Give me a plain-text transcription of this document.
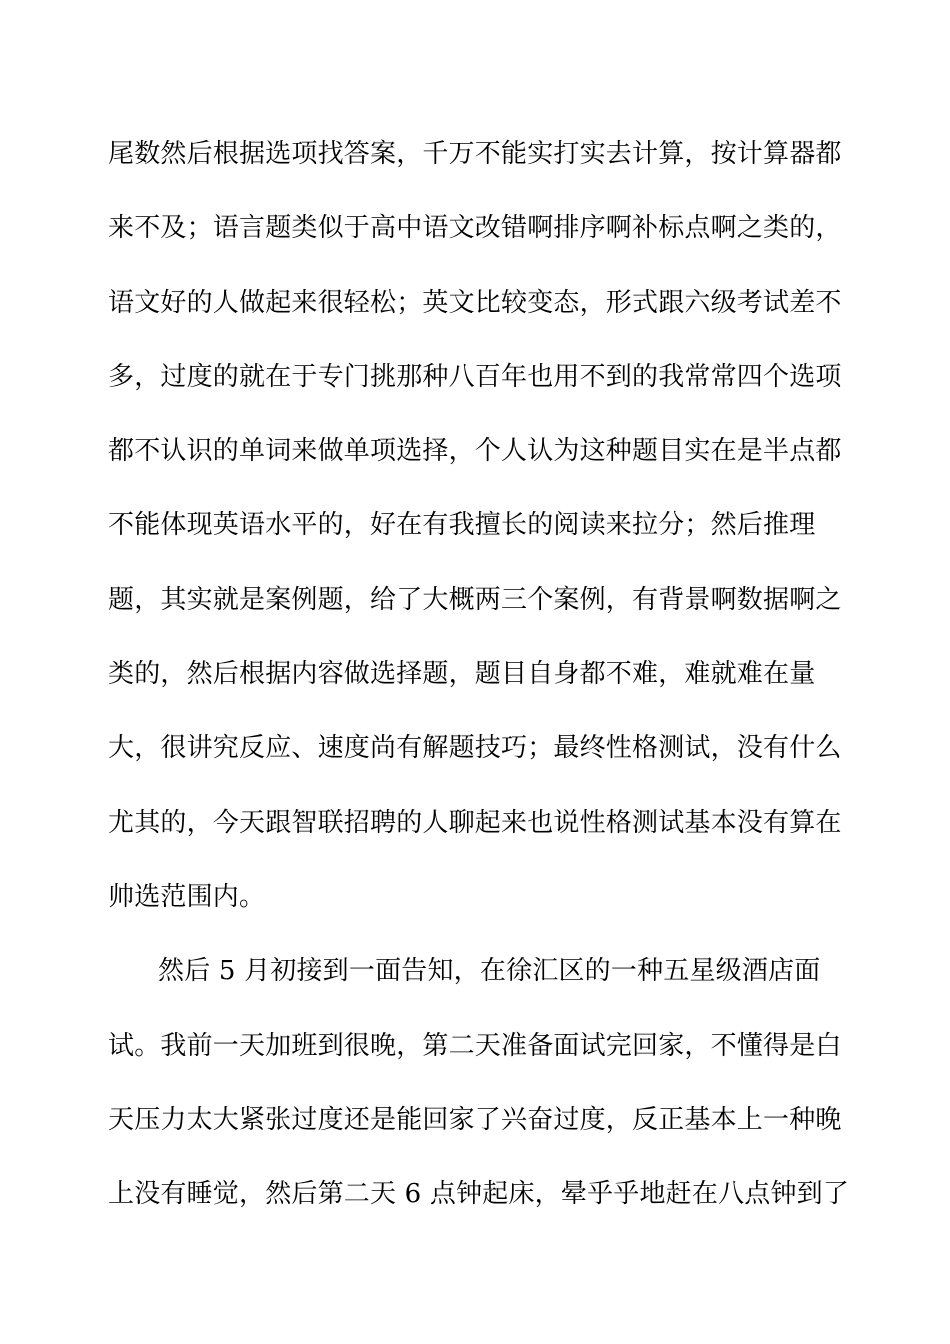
尾数然后根据选项找答案，千万不能实打实去计算，按计算器都
来不及；语言题类似于高中语文改错啊排序啊补标点啊之类的，
语文好的人做起来很轻松；英文比较变态，形式跟六级考试差不
多，过度的就在于专门挑那种八百年也用不到的我常常四个选项
都不认识的单词来做单项选择，个人认为这种题目实在是半点都
不能体现英语水平的，好在有我擅长的阅读来拉分；然后推理
题，其实就是案例题，给了大概两三个案例，有背景啊数据啊之
类的，然后根据内容做选择题，题目自身都不难，难就难在量
大，很讲究反应、速度尚有解题技巧；最终性格测试，没有什么
尤其的，今天跟智联招聘的人聊起来也说性格测试基本没有算在
帅选范围内。
然后 5 月初接到一面告知，在徐汇区的一种五星级酒店面
试。我前一天加班到很晚，第二天准备面试完回家，不懂得是白
天压力太大紧张过度还是能回家了兴奋过度，反正基本上一种晚
上没有睡觉，然后第二天 6 点钟起床，晕乎乎地赶在八点钟到了
